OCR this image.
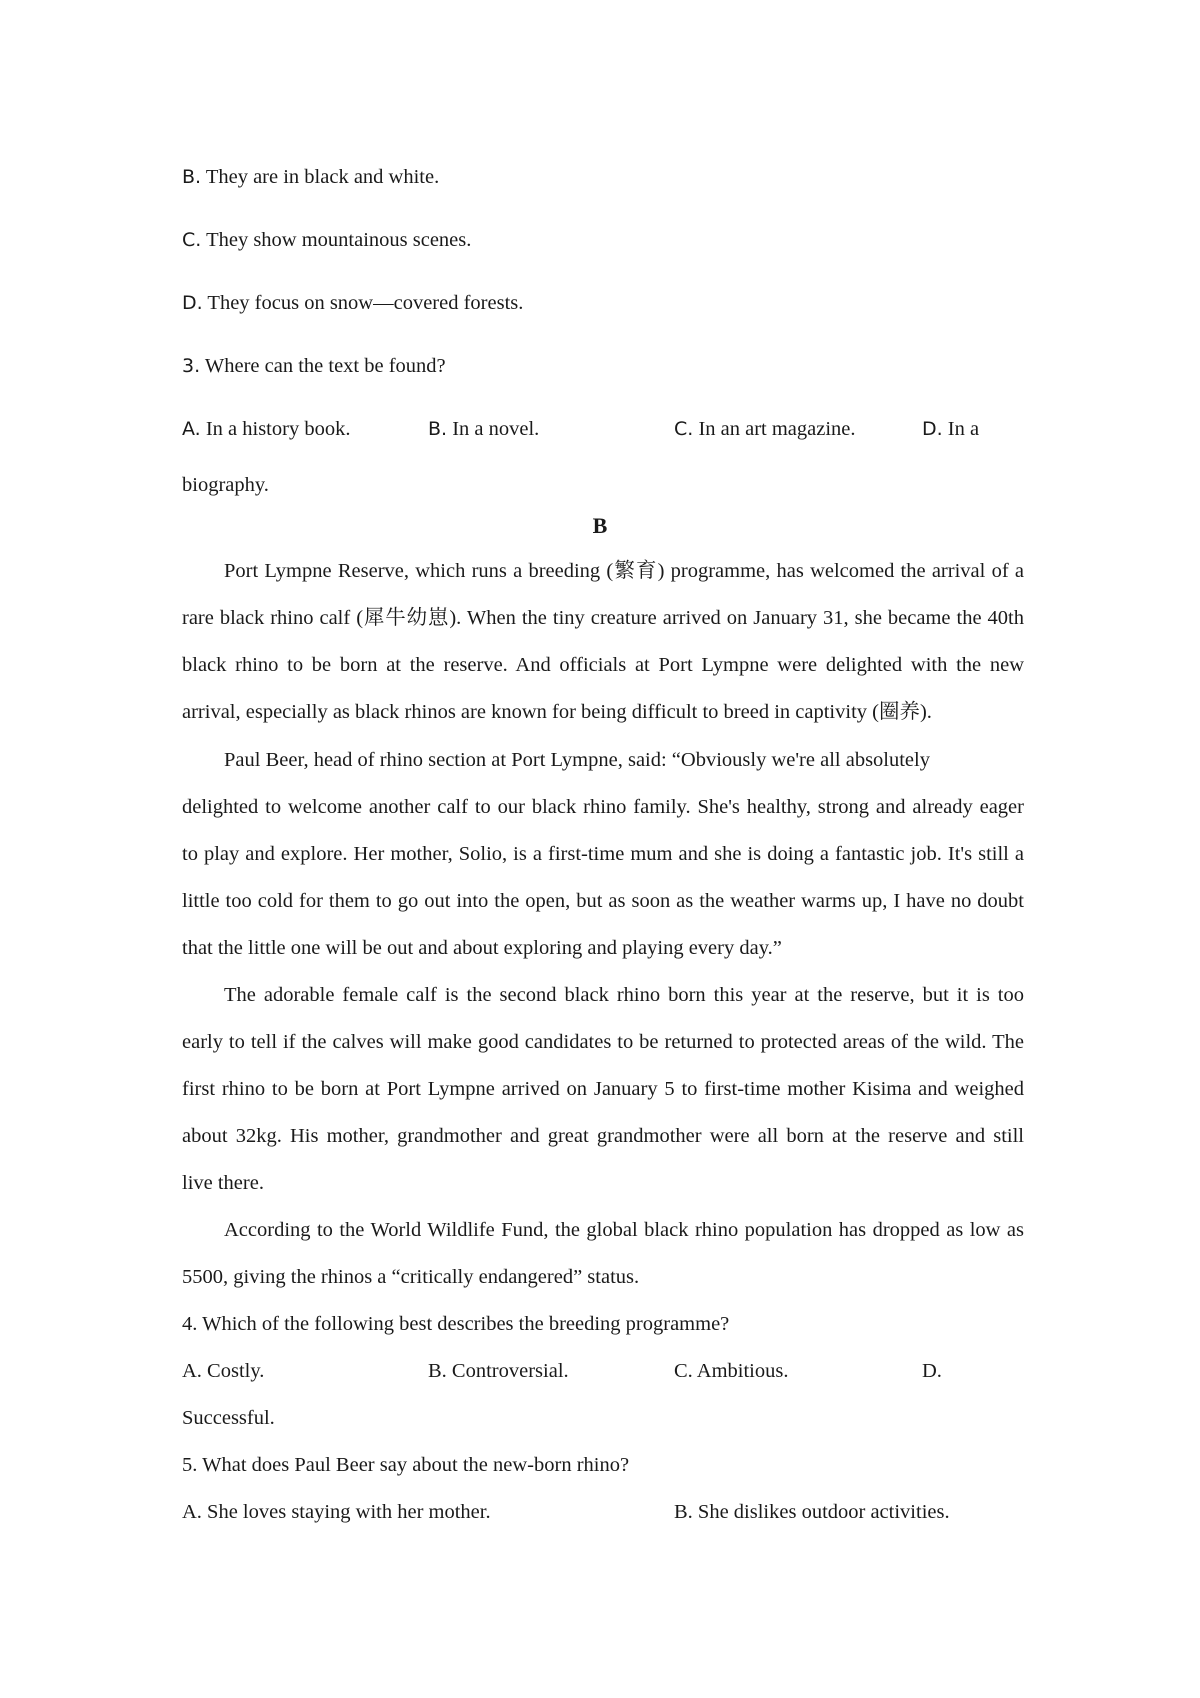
B. They are in black and white.
C. They show mountainous scenes.
D. They focus on snow—covered forests.
3. Where can the text be found?
A. In a history book.	B. In a novel.	C. In an art magazine.	D. In a
biography.
B
Port Lympne Reserve, which runs a breeding (繁育) programme, has welcomed the arrival of a
rare black rhino calf (犀牛幼崽). When the tiny creature arrived on January 31, she became the 40th
black rhino to be born at the reserve. And officials at Port Lympne were delighted with the new
arrival, especially as black rhinos are known for being difficult to breed in captivity (圈养).
Paul Beer, head of rhino section at Port Lympne, said: “Obviously we're all absolutely
delighted to welcome another calf to our black rhino family. She's healthy, strong and already eager
to play and explore. Her mother, Solio, is a first-time mum and she is doing a fantastic job. It's still a
little too cold for them to go out into the open, but as soon as the weather warms up, I have no doubt
that the little one will be out and about exploring and playing every day.”
The adorable female calf is the second black rhino born this year at the reserve, but it is too
early to tell if the calves will make good candidates to be returned to protected areas of the wild. The
first rhino to be born at Port Lympne arrived on January 5 to first-time mother Kisima and weighed
about 32kg. His mother, grandmother and great grandmother were all born at the reserve and still
live there.
According to the World Wildlife Fund, the global black rhino population has dropped as low as
5500, giving the rhinos a “critically endangered” status.
4. Which of the following best describes the breeding programme?
A. Costly.	B. Controversial.	C. Ambitious.	D.
Successful.
5. What does Paul Beer say about the new-born rhino?
A. She loves staying with her mother.	B. She dislikes outdoor activities.
